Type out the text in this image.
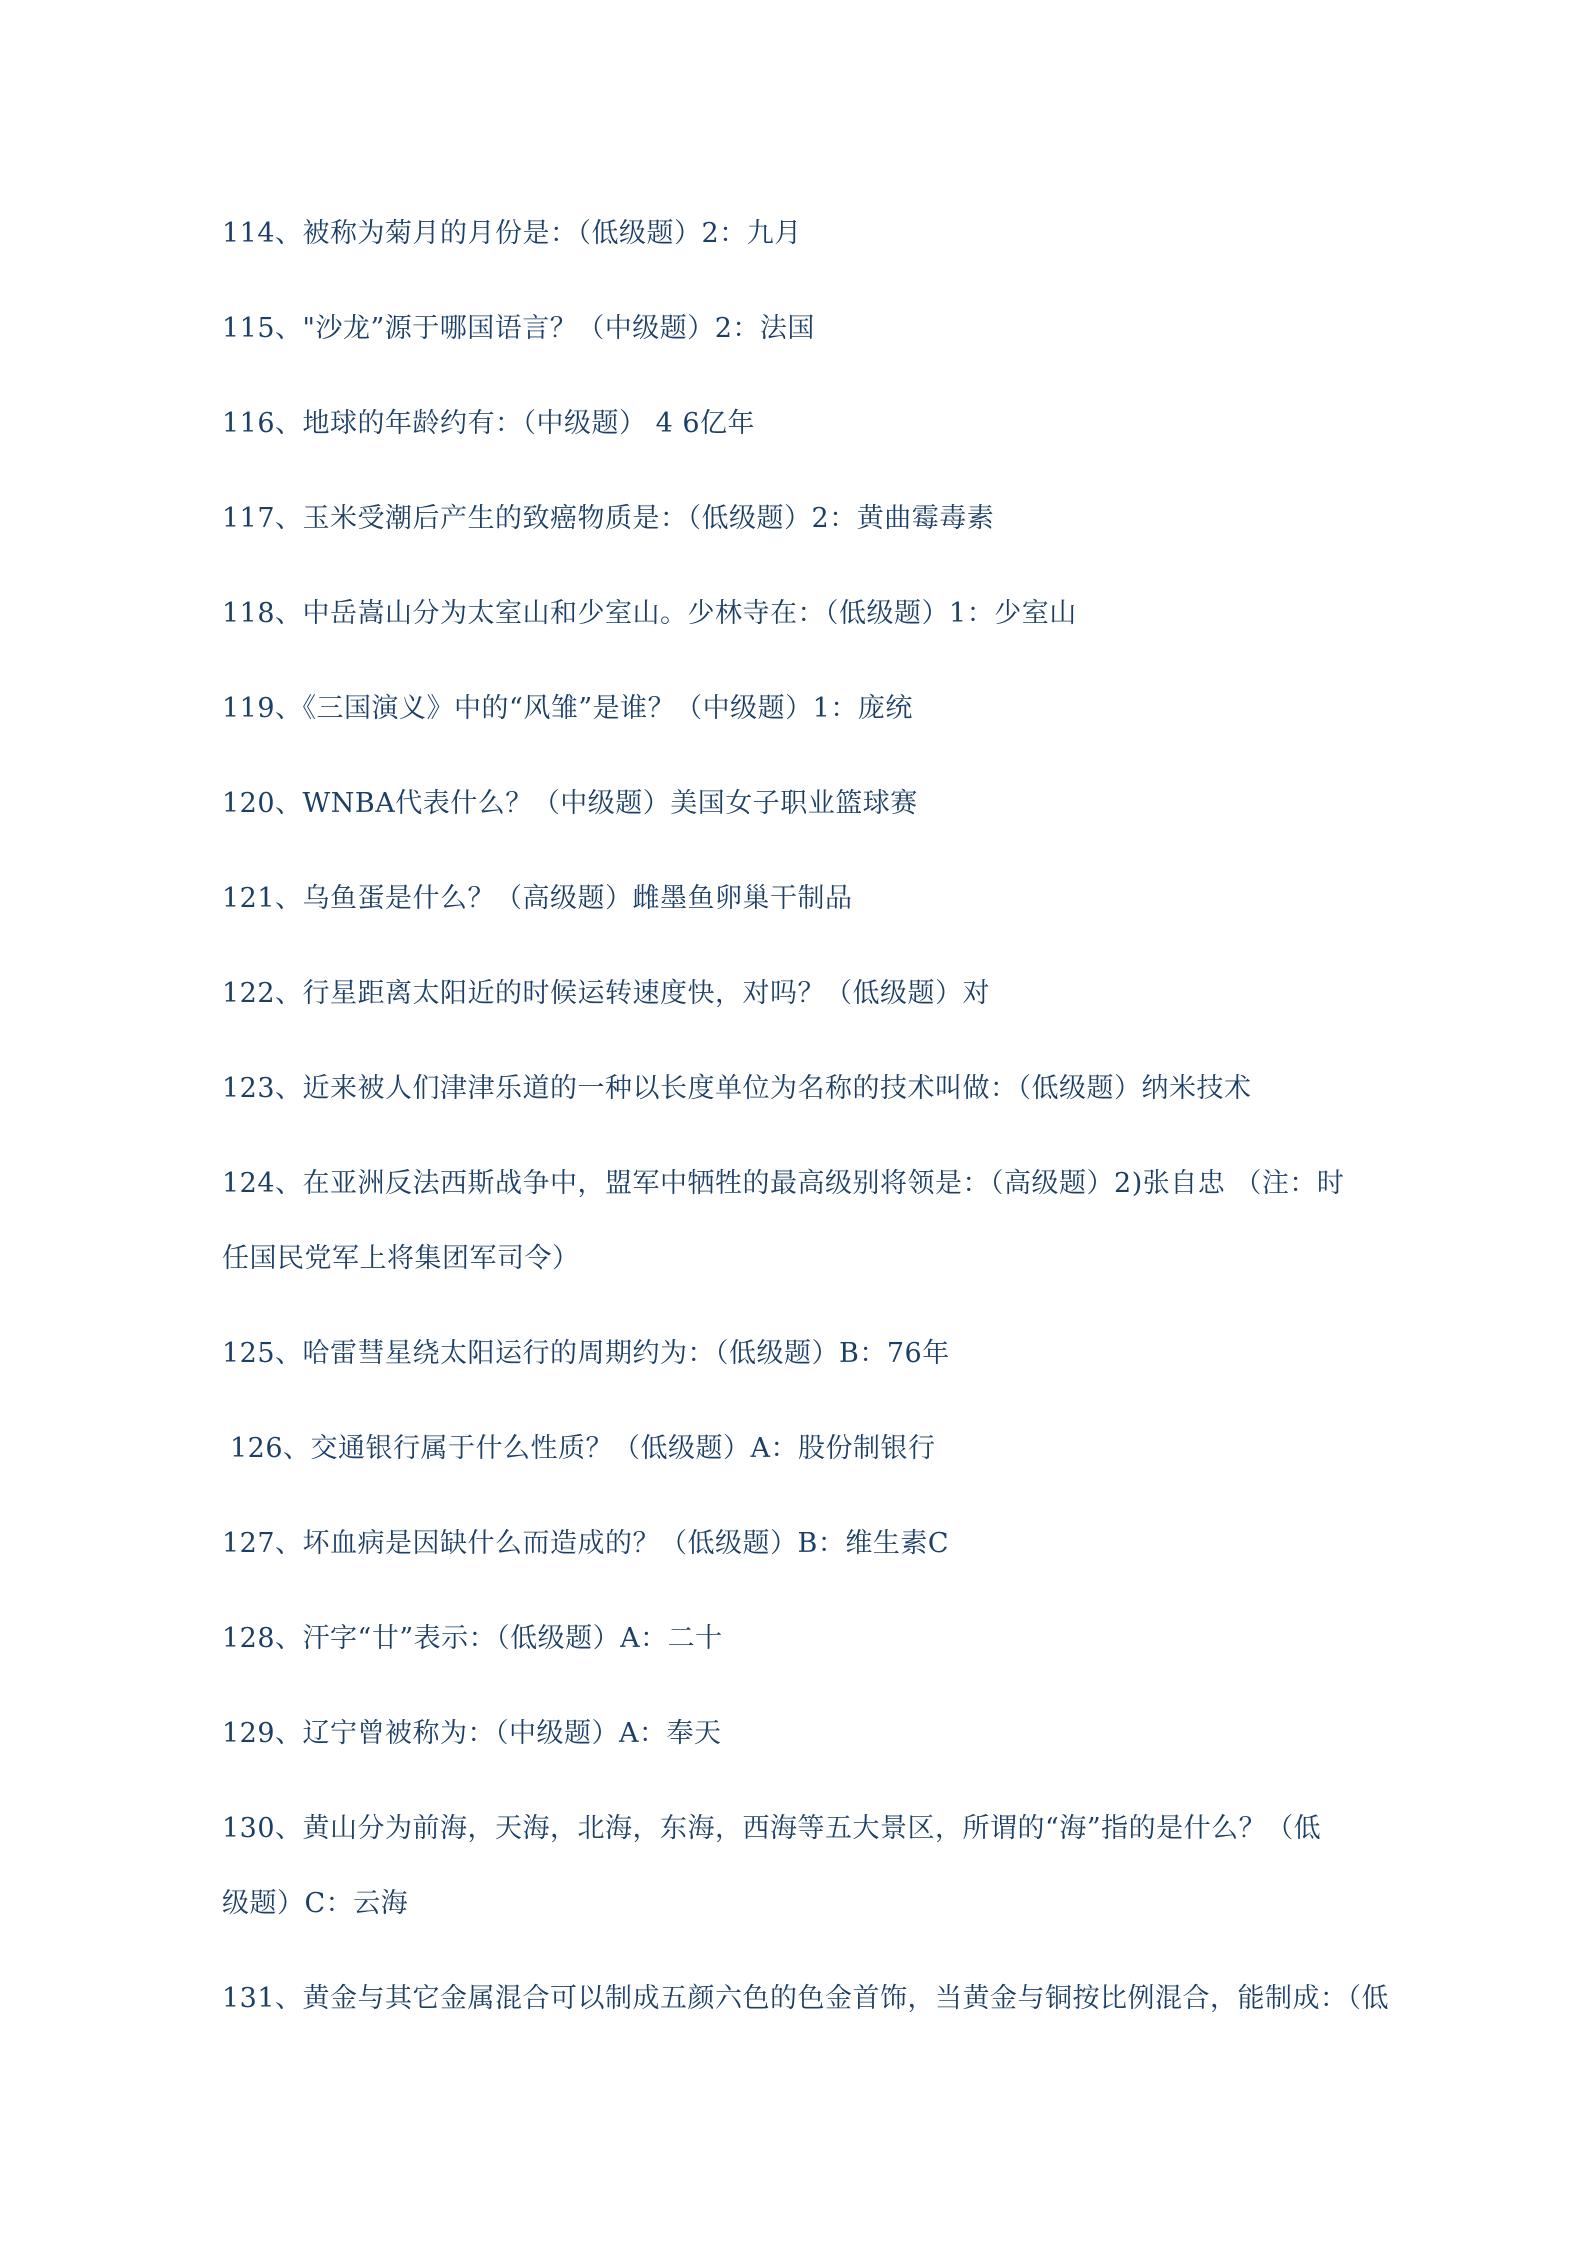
114、被称为菊月的月份是：（低级题）2：九月
115、"沙龙”源于哪国语言？（中级题）2：法国
116、地球的年龄约有：（中级题） 4 6亿年
117、玉米受潮后产生的致癌物质是：（低级题）2：黄曲霉毒素
118、中岳嵩山分为太室山和少室山。少林寺在：（低级题）1：少室山
119、《三国演义》中的“风雏”是谁？（中级题）1：庞统
120、WNBA代表什么？（中级题）美国女子职业篮球赛
121、乌鱼蛋是什么？（高级题）雌墨鱼卵巢干制品
122、行星距离太阳近的时候运转速度快，对吗？（低级题）对
123、近来被人们津津乐道的一种以长度单位为名称的技术叫做：（低级题）纳米技术
124、在亚洲反法西斯战争中，盟军中牺牲的最高级别将领是：（高级题）2)张自忠 （注：时
任国民党军上将集团军司令）
125、哈雷彗星绕太阳运行的周期约为：（低级题）B：76年
126、交通银行属于什么性质？（低级题）A：股份制银行
127、坏血病是因缺什么而造成的？（低级题）B：维生素C
128、汗字“廿”表示：（低级题）A：二十
129、辽宁曾被称为：（中级题）A：奉天
130、黄山分为前海，天海，北海，东海，西海等五大景区，所谓的“海”指的是什么？（低
级题）C：云海
131、黄金与其它金属混合可以制成五颜六色的色金首饰，当黄金与铜按比例混合，能制成：（低
